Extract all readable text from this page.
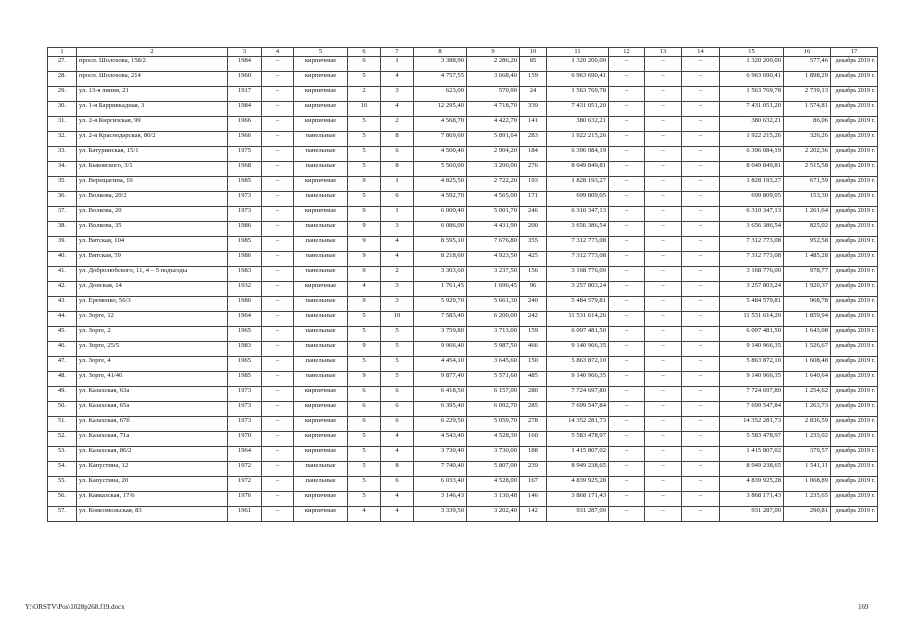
1	2	3	4	5	6	7	8	9	10	11	12	13	14	15	16	17
27.	просп. Шолохова, 158/2	1984	–	кирпичные	6	1	3 388,90	2 286,20	85	1 320 200,00	–	–	–	1 320 200,00	577,46	декабрь 2019 г.
28.	просп. Шолохова, 214	1960	–	кирпичные	5	4	4 757,55	3 668,40	159	6 963 690,41	–	–	–	6 963 690,41	1 898,29	декабрь 2019 г.
29.	ул. 13-я линия, 21	1917	–	кирпичные	2	3	623,00	570,90	24	1 563 769,78	–	–	–	1 563 769,78	2 739,13	декабрь 2019 г.
30.	ул. 1-я Барриккадная, 3	1984	–	кирпичные	10	4	12 295,40	4 718,70	339	7 431 051,20	–	–	–	7 431 051,20	1 574,81	декабрь 2019 г.
31.	ул. 2-я Киргизская, 99	1966	–	кирпичные	5	2	4 568,70	4 422,70	141	380 632,21	–	–	–	380 632,21	86,06	декабрь 2019 г.
32.	ул. 2-я Краснодарская, 80/2	1966	–	панельные	5	8	7 869,60	5 891,64	283	1 922 215,26	–	–	–	1 922 215,26	326,26	декабрь 2019 г.
33.	ул. Батуринская, 15/1	1975	–	панельные	5	6	4 500,40	2 904,20	184	6 396 084,19	–	–	–	6 396 084,19	2 202,36	декабрь 2019 г.
34.	ул. Быковского, 3/1	1968	–	панельные	5	8	5 560,00	3 200,00	276	8 049 849,81	–	–	–	8 049 849,81	2 515,58	декабрь 2019 г.
35.	ул. Верещагина, 10	1985	–	кирпичные	9	1	4 825,50	2 722,20	193	1 828 193,27	–	–	–	1 828 193,27	671,59	декабрь 2019 г.
36.	ул. Волкова, 20/2	1973	–	панельные	5	6	4 592,70	4 565,00	171	699 809,05	–	–	–	699 809,05	153,30	декабрь 2019 г.
37.	ул. Волкова, 20	1973	–	кирпичные	9	1	6 000,40	5 001,70	246	6 310 347,13	–	–	–	6 310 347,13	1 261,64	декабрь 2019 г.
38.	ул. Волкова, 35	1986	–	панельные	9	3	6 086,00	4 431,90	200	3 656 386,54	–	–	–	3 656 386,54	825,02	декабрь 2019 г.
39.	ул. Вятская, 104	1985	–	панельные	9	4	8 595,10	7 676,80	355	7 312 773,08	–	–	–	7 312 773,08	952,58	декабрь 2019 г.
40.	ул. Вятская, 59	1986	–	панельные	9	4	8 218,60	4 923,50	425	7 312 773,08	–	–	–	7 312 773,08	1 485,28	декабрь 2019 г.
41.	ул. Добролюбского, 11, 4 – 5 подъезды	1983	–	панельные	9	2	3 303,60	3 237,50	156	3 168 776,00	–	–	–	3 168 776,00	978,77	декабрь 2019 г.
42.	ул. Донская, 14	1932	–	кирпичные	4	3	1 761,45	1 696,45	96	3 257 803,24	–	–	–	3 257 803,24	1 920,37	декабрь 2019 г.
43.	ул. Еременко, 56/3	1986	–	панельные	9	3	5 929,70	5 661,30	240	5 484 579,81	–	–	–	5 484 579,81	968,78	декабрь 2019 г.
44.	ул. Зорге, 12	1964	–	панельные	5	10	7 583,40	6 200,00	242	11 531 614,26	–	–	–	11 531 614,26	1 859,94	декабрь 2019 г.
45.	ул. Зорге, 2	1965	–	панельные	5	5	3 759,80	3 713,00	159	6 097 481,50	–	–	–	6 097 481,50	1 643,08	декабрь 2019 г.
46.	ул. Зорге, 25/5	1983	–	панельные	9	5	9 966,40	5 987,50	466	9 140 966,35	–	–	–	9 140 966,35	1 526,67	декабрь 2019 г.
47.	ул. Зорге, 4	1965	–	панельные	5	5	4 454,10	3 645,60	150	5 863 872,10	–	–	–	5 863 872,10	1 608,48	декабрь 2019 г.
48.	ул. Зорге, 41/46	1985	–	панельные	9	5	9 877,40	5 571,60	485	9 140 966,35	–	–	–	9 140 966,35	1 640,64	декабрь 2019 г.
49.	ул. Казахская, 63а	1973	–	кирпичные	6	6	6 418,50	6 157,00	280	7 724 697,80	–	–	–	7 724 697,80	1 254,62	декабрь 2019 г.
50.	ул. Казахская, 65а	1973	–	кирпичные	6	6	6 395,40	6 092,70	285	7 699 547,84	–	–	–	7 699 547,84	1 263,73	декабрь 2019 г.
51.	ул. Казахская, 67б	1973	–	кирпичные	6	6	6 229,50	5 059,70	278	14 352 281,73	–	–	–	14 352 281,73	2 836,59	декабрь 2019 г.
52.	ул. Казахская, 71а	1970	–	кирпичные	5	4	4 543,40	4 528,30	160	5 583 478,97	–	–	–	5 583 478,97	1 233,02	декабрь 2019 г.
53.	ул. Казахская, 86/2	1964	–	кирпичные	5	4	3 730,40	3 730,00	188	1 415 807,02	–	–	–	1 415 807,02	379,57	декабрь 2019 г.
54.	ул. Капустина, 12	1972	–	панельные	5	8	7 740,40	5 807,00	239	8 949 238,65	–	–	–	8 949 238,65	1 541,11	декабрь 2019 г.
55.	ул. Капустина, 20	1972	–	панельные	5	6	6 033,40	4 528,00	167	4 839 925,28	–	–	–	4 839 925,28	1 068,89	декабрь 2019 г.
56.	ул. Кавказская, 17/6	1976	–	кирпичные	5	4	3 146,43	3 130,48	146	3 868 171,43	–	–	–	3 868 171,43	1 235,65	декабрь 2019 г.
57.	ул. Комсомольская, 83	1961	–	кирпичные	4	4	3 339,50	3 202,40	142	931 287,00	–	–	–	931 287,00	290,81	декабрь 2019 г.
Y:\ORSTV\Pos\1028p268.f19.docx	169
